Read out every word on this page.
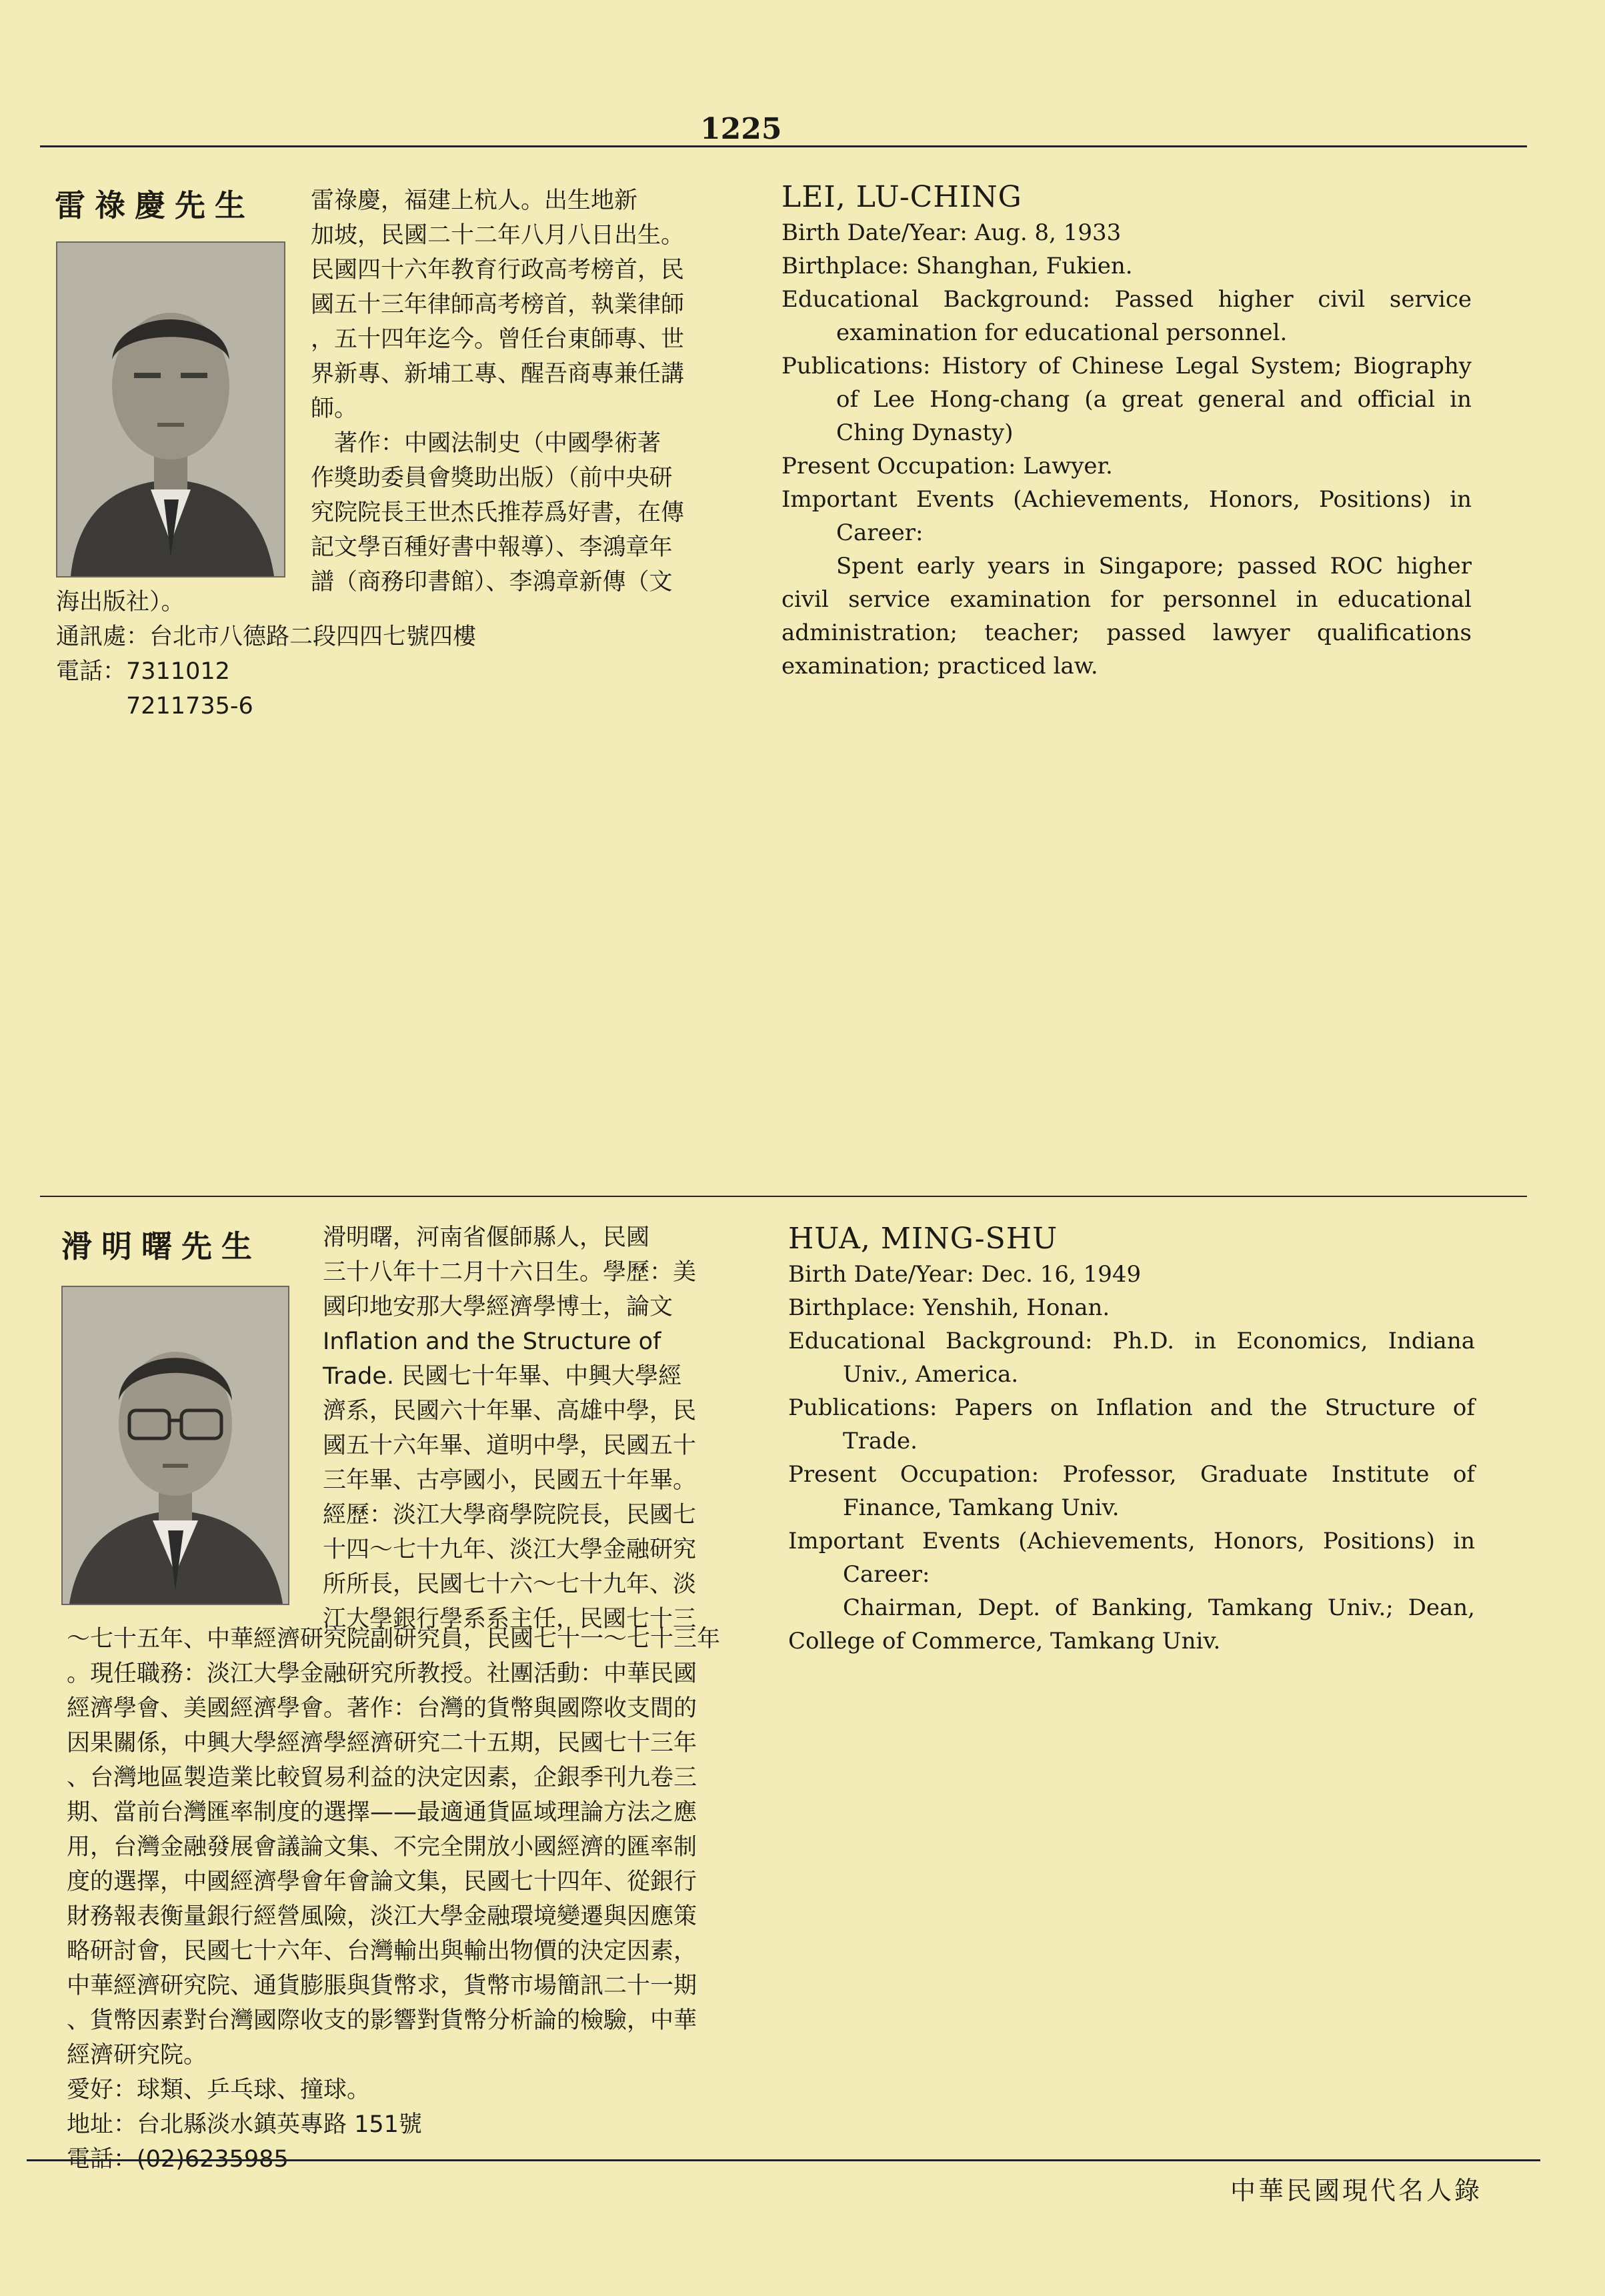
1225
雷祿慶先生 雷祿慶，福建上杭人。出生地新
加坡，民國二十二年八月八日出生。
民國四十六年教育行政高考榜首，民
國五十三年律師高考榜首，執業律師
，五十四年迄今。曾任台東師專、世
界新專、新埔工專、醒吾商專兼任講
師。
　著作：中國法制史（中國學術著
作獎助委員會獎助出版）（前中央研
究院院長王世杰氏推荐爲好書，在傳
記文學百種好書中報導）、李鴻章年
譜（商務印書館）、李鴻章新傳（文
海出版社）。
通訊處：台北市八德路二段四四七號四樓
電話：7311012
　　　7211735-6
LEI, LU-CHING
Birth Date/Year: Aug. 8, 1933
Birthplace: Shanghan, Fukien.
Educational Background: Passed higher civil service examination for educational personnel.
Publications: History of Chinese Legal System; Biography of Lee Hong-chang (a great general and official in Ching Dynasty)
Present Occupation: Lawyer.
Important Events (Achievements, Honors, Positions) in Career:
Spent early years in Singapore; passed ROC higher civil service examination for personnel in educational administration; teacher; passed lawyer qualifications examination; practiced law.
滑明曙先生	滑明曙，河南省偃師縣人，民國
三十八年十二月十六日生。學歷：美
國印地安那大學經濟學博士，論文
Inflation and the Structure of
Trade. 民國七十年畢、中興大學經
濟系，民國六十年畢、高雄中學，民
國五十六年畢、道明中學，民國五十
三年畢、古亭國小，民國五十年畢。
經歷：淡江大學商學院院長，民國七
十四～七十九年、淡江大學金融研究
所所長，民國七十六～七十九年、淡
江大學銀行學系系主任，民國七十三
～七十五年、中華經濟研究院副研究員，民國七十一～七十三年
。現任職務：淡江大學金融研究所教授。社團活動：中華民國
經濟學會、美國經濟學會。著作：台灣的貨幣與國際收支間的
因果關係，中興大學經濟學經濟研究二十五期，民國七十三年
、台灣地區製造業比較貿易利益的決定因素，企銀季刊九卷三
期、當前台灣匯率制度的選擇——最適通貨區域理論方法之應
用，台灣金融發展會議論文集、不完全開放小國經濟的匯率制
度的選擇，中國經濟學會年會論文集，民國七十四年、從銀行
財務報表衡量銀行經營風險，淡江大學金融環境變遷與因應策
略研討會，民國七十六年、台灣輸出與輸出物價的決定因素，
中華經濟研究院、通貨膨脹與貨幣求，貨幣市場簡訊二十一期
、貨幣因素對台灣國際收支的影響對貨幣分析論的檢驗，中華
經濟研究院。
愛好：球類、乒乓球、撞球。
地址：台北縣淡水鎮英專路 151號
電話：(02)6235985
HUA, MING-SHU
Birth Date/Year: Dec. 16, 1949
Birthplace: Yenshih, Honan.
Educational Background: Ph.D. in Economics, Indiana Univ., America.
Publications: Papers on Inflation and the Structure of Trade.
Present Occupation: Professor, Graduate Institute of Finance, Tamkang Univ.
Important Events (Achievements, Honors, Positions) in Career:
Chairman, Dept. of Banking, Tamkang Univ.; Dean, College of Commerce, Tamkang Univ.
中華民國現代名人錄
